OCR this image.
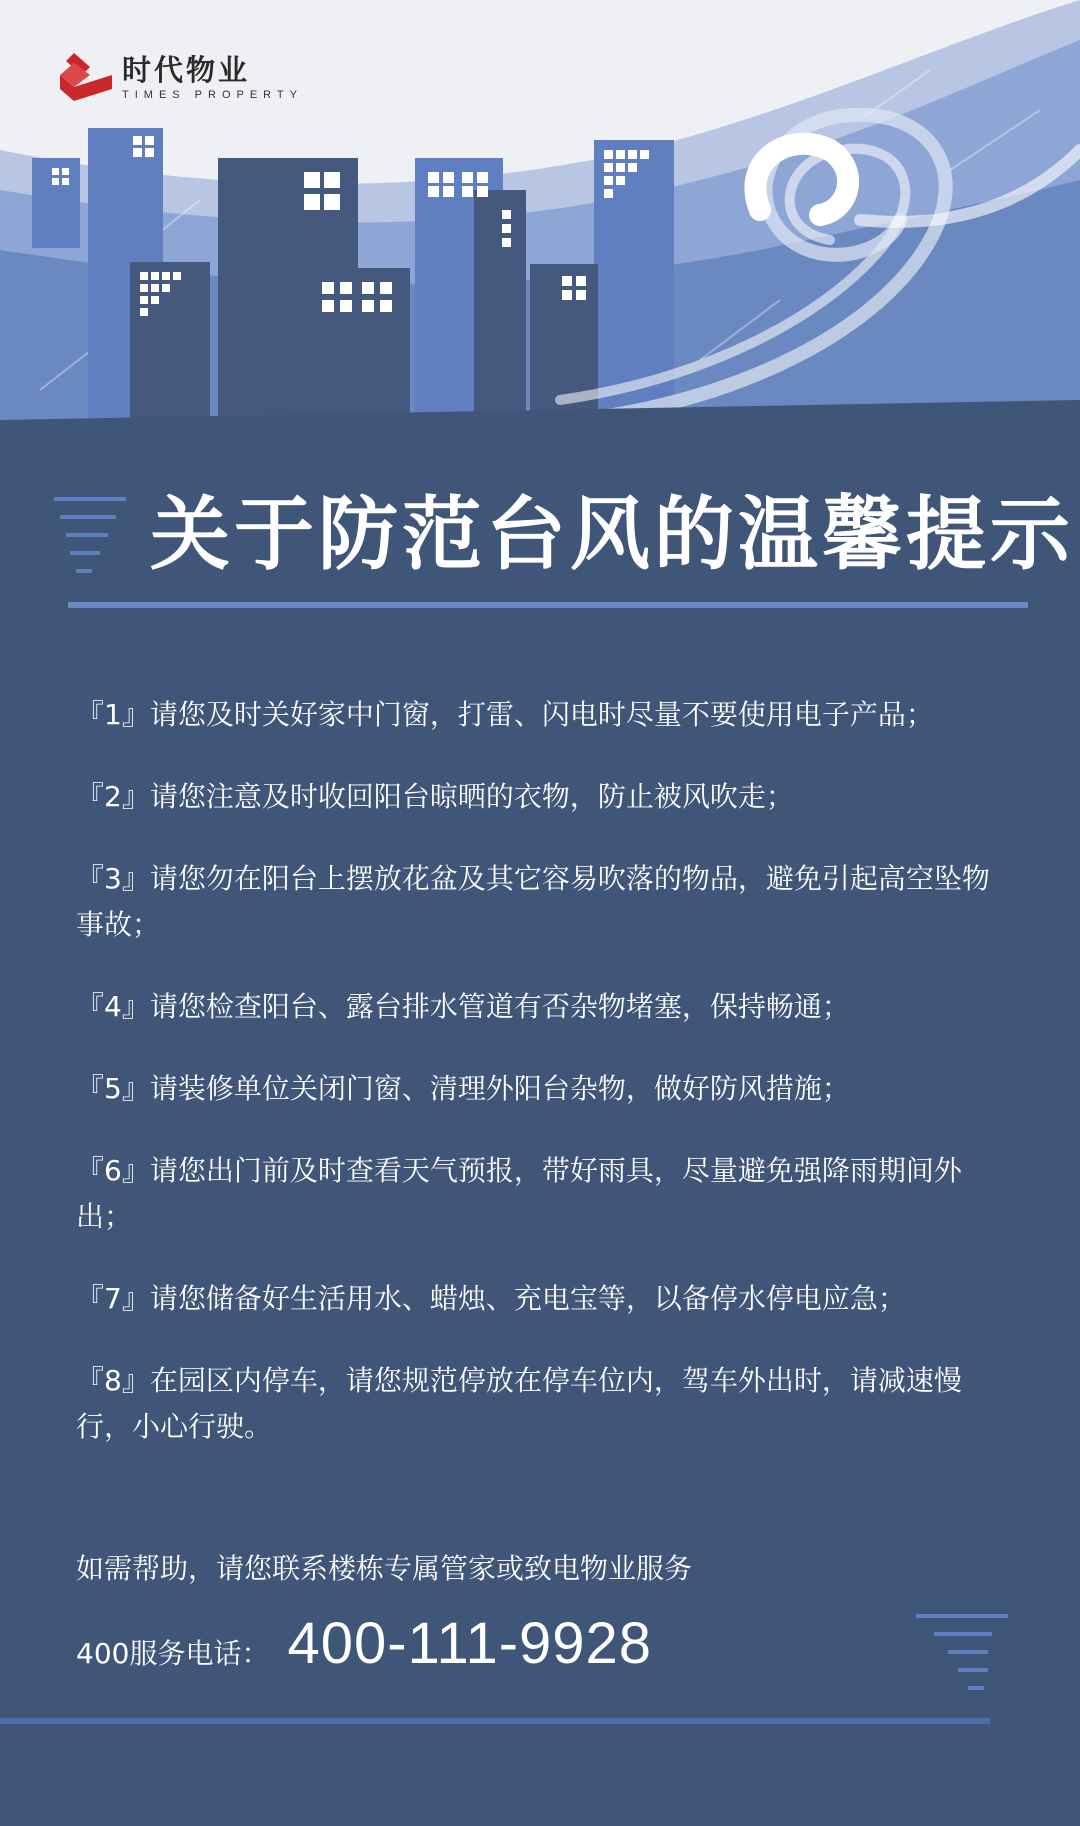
时代物业
TIMES PROPERTY
关于防范台风的温馨提示
『1』请您及时关好家中门窗，打雷、闪电时尽量不要使用电子产品；
『2』请您注意及时收回阳台晾晒的衣物，防止被风吹走；
『3』请您勿在阳台上摆放花盆及其它容易吹落的物品，避免引起高空坠物事故；
『4』请您检查阳台、露台排水管道有否杂物堵塞，保持畅通；
『5』请装修单位关闭门窗、清理外阳台杂物，做好防风措施；
『6』请您出门前及时查看天气预报，带好雨具，尽量避免强降雨期间外出；
『7』请您储备好生活用水、蜡烛、充电宝等，以备停水停电应急；
『8』在园区内停车，请您规范停放在停车位内，驾车外出时，请减速慢行，小心行驶。
如需帮助，请您联系楼栋专属管家或致电物业服务
400服务电话： 400-111-9928
